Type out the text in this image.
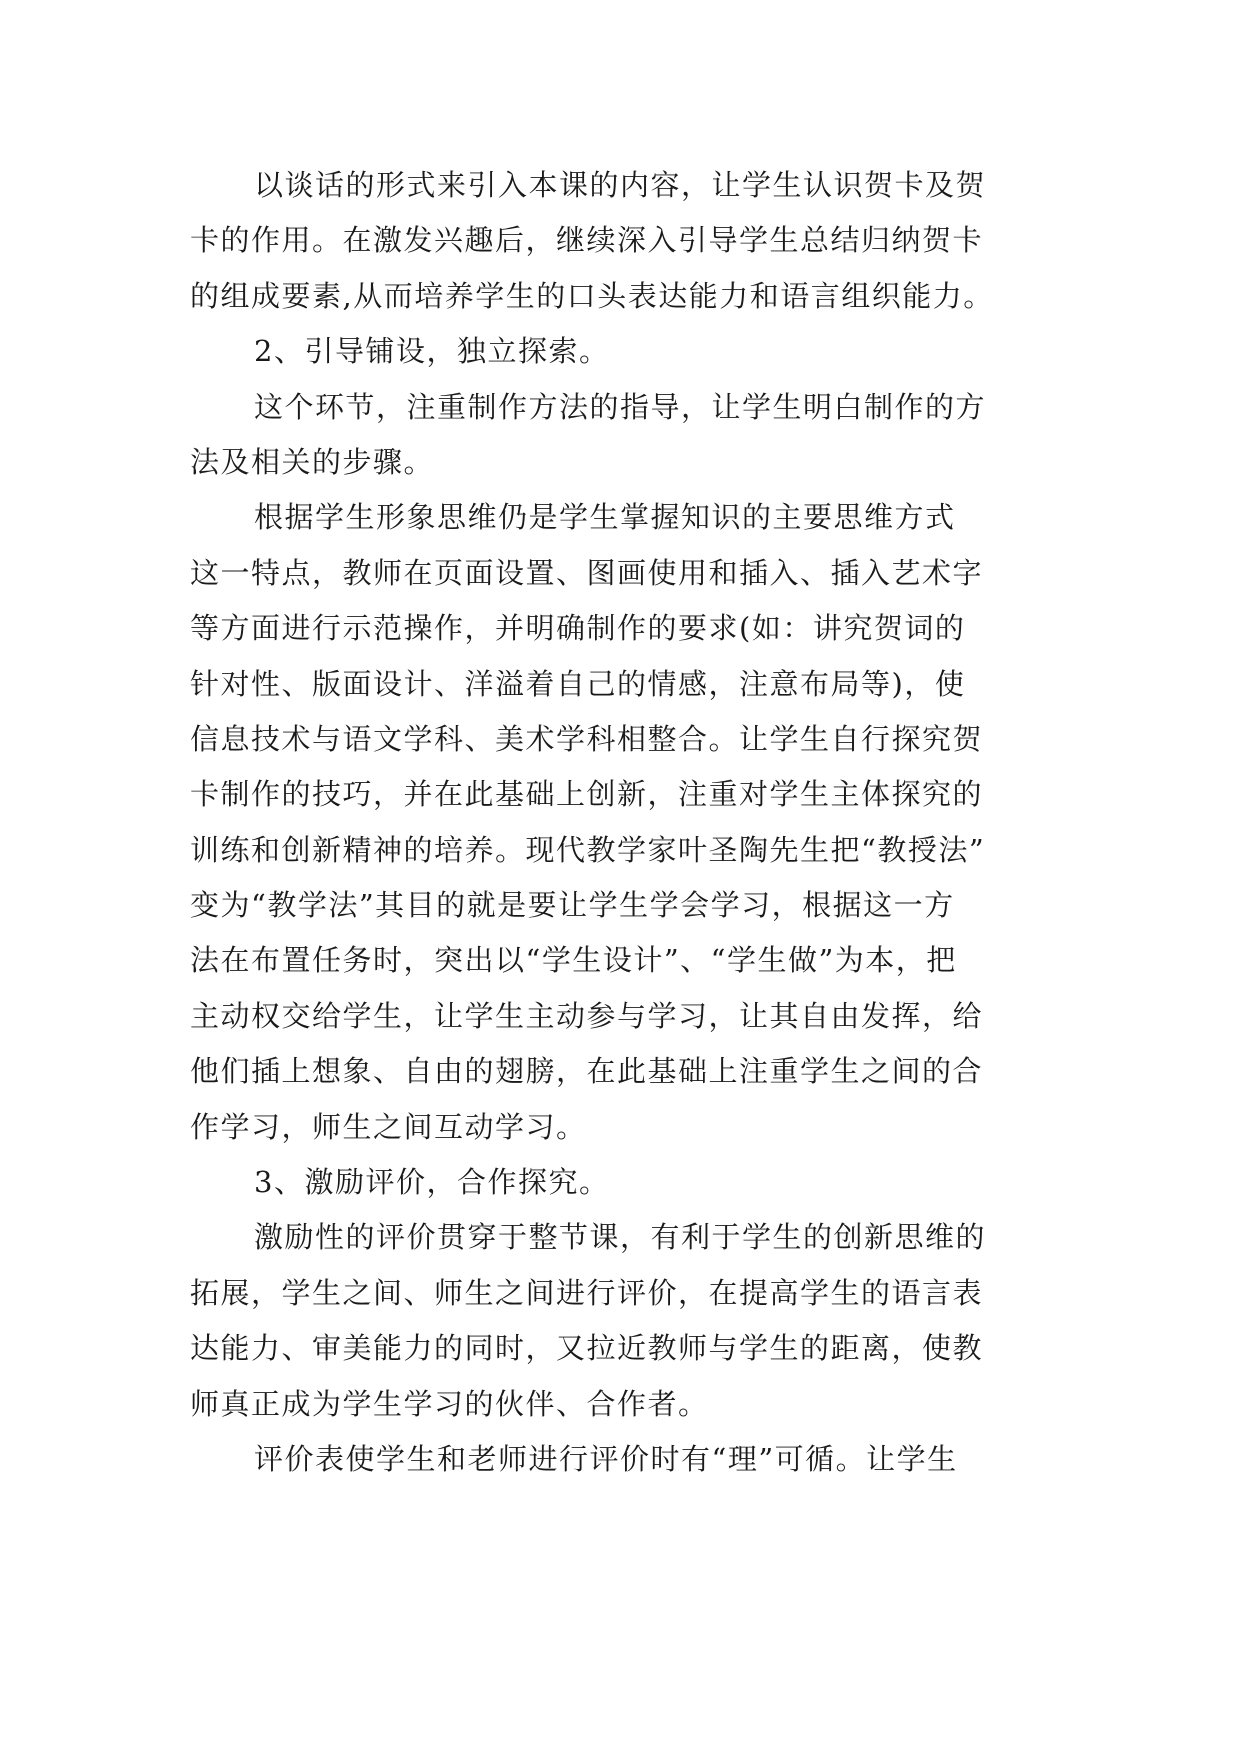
以谈话的形式来引入本课的内容，让学生认识贺卡及贺
卡的作用。在激发兴趣后，继续深入引导学生总结归纳贺卡
的组成要素,从而培养学生的口头表达能力和语言组织能力。
2、引导铺设，独立探索。
这个环节，注重制作方法的指导，让学生明白制作的方
法及相关的步骤。
根据学生形象思维仍是学生掌握知识的主要思维方式
这一特点，教师在页面设置、图画使用和插入、插入艺术字
等方面进行示范操作，并明确制作的要求(如：讲究贺词的
针对性、版面设计、洋溢着自己的情感，注意布局等)，使
信息技术与语文学科、美术学科相整合。让学生自行探究贺
卡制作的技巧，并在此基础上创新，注重对学生主体探究的
训练和创新精神的培养。现代教学家叶圣陶先生把“教授法”
变为“教学法”其目的就是要让学生学会学习，根据这一方
法在布置任务时，突出以“学生设计”、“学生做”为本，把
主动权交给学生，让学生主动参与学习，让其自由发挥，给
他们插上想象、自由的翅膀，在此基础上注重学生之间的合
作学习，师生之间互动学习。
3、激励评价，合作探究。
激励性的评价贯穿于整节课，有利于学生的创新思维的
拓展，学生之间、师生之间进行评价，在提高学生的语言表
达能力、审美能力的同时，又拉近教师与学生的距离，使教
师真正成为学生学习的伙伴、合作者。
评价表使学生和老师进行评价时有“理”可循。让学生
